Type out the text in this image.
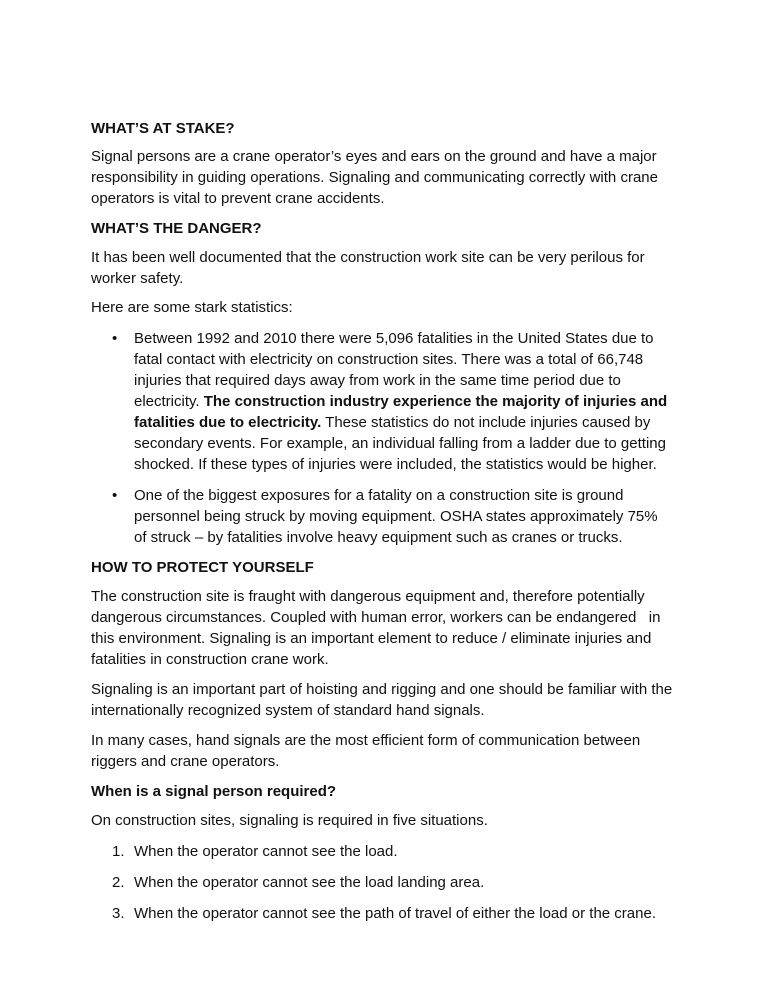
WHAT’S AT STAKE?
Signal persons are a crane operator’s eyes and ears on the ground and have a major
responsibility in guiding operations. Signaling and communicating correctly with crane
operators is vital to prevent crane accidents.
WHAT’S THE DANGER?
It has been well documented that the construction work site can be very perilous for
worker safety.
Here are some stark statistics:
• Between 1992 and 2010 there were 5,096 fatalities in the United States due to
fatal contact with electricity on construction sites. There was a total of 66,748
injuries that required days away from work in the same time period due to
electricity. The construction industry experience the majority of injuries and
fatalities due to electricity. These statistics do not include injuries caused by
secondary events. For example, an individual falling from a ladder due to getting
shocked. If these types of injuries were included, the statistics would be higher.
• One of the biggest exposures for a fatality on a construction site is ground
personnel being struck by moving equipment. OSHA states approximately 75%
of struck – by fatalities involve heavy equipment such as cranes or trucks.
HOW TO PROTECT YOURSELF
The construction site is fraught with dangerous equipment and, therefore potentially
dangerous circumstances. Coupled with human error, workers can be endangered   in
this environment. Signaling is an important element to reduce / eliminate injuries and
fatalities in construction crane work.
Signaling is an important part of hoisting and rigging and one should be familiar with the
internationally recognized system of standard hand signals.
In many cases, hand signals are the most efficient form of communication between
riggers and crane operators.
When is a signal person required?
On construction sites, signaling is required in five situations.
1. When the operator cannot see the load.
2. When the operator cannot see the load landing area.
3. When the operator cannot see the path of travel of either the load or the crane.
